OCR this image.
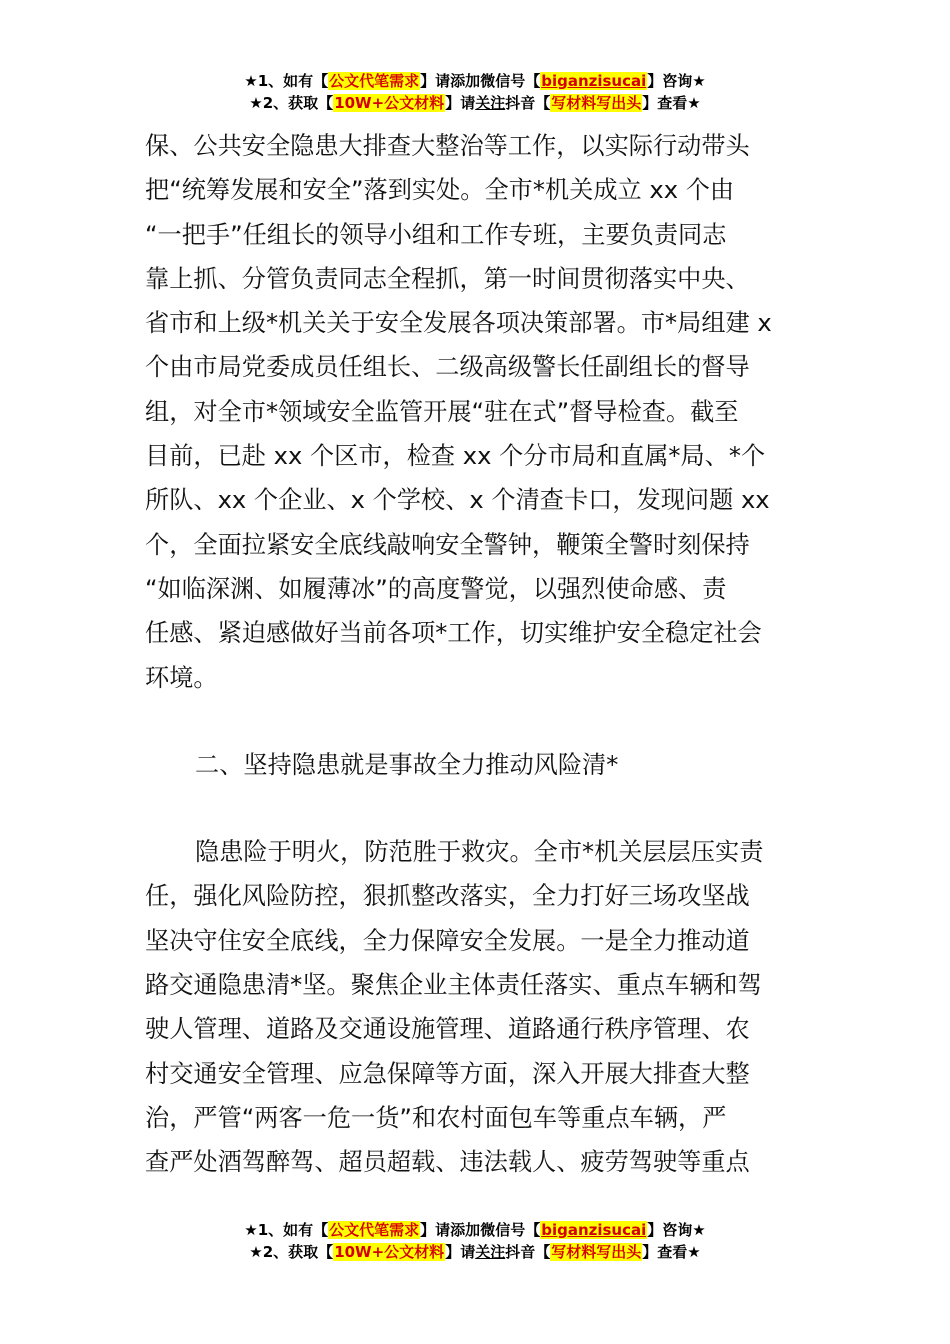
★1、如有【公文代笔需求】请添加微信号【biganzisucai】咨询★
★2、获取【10W+公文材料】请关注抖音【写材料写出头】查看★
保、公共安全隐患大排查大整治等工作，以实际行动带头
把“统筹发展和安全”落到实处。全市*机关成立 xx 个由
“一把手”任组长的领导小组和工作专班，主要负责同志
靠上抓、分管负责同志全程抓，第一时间贯彻落实中央、
省市和上级*机关关于安全发展各项决策部署。市*局组建 x
个由市局党委成员任组长、二级高级警长任副组长的督导
组，对全市*领域安全监管开展“驻在式”督导检查。截至
目前，已赴 xx 个区市，检查 xx 个分市局和直属*局、*个
所队、xx 个企业、x 个学校、x 个清查卡口，发现问题 xx
个，全面拉紧安全底线敲响安全警钟，鞭策全警时刻保持
“如临深渊、如履薄冰”的高度警觉，以强烈使命感、责
任感、紧迫感做好当前各项*工作，切实维护安全稳定社会
环境。
二、坚持隐患就是事故全力推动风险清*
隐患险于明火，防范胜于救灾。全市*机关层层压实责
任，强化风险防控，狠抓整改落实，全力打好三场攻坚战
坚决守住安全底线，全力保障安全发展。一是全力推动道
路交通隐患清*坚。聚焦企业主体责任落实、重点车辆和驾
驶人管理、道路及交通设施管理、道路通行秩序管理、农
村交通安全管理、应急保障等方面，深入开展大排查大整
治，严管“两客一危一货”和农村面包车等重点车辆，严
查严处酒驾醉驾、超员超载、违法载人、疲劳驾驶等重点
★1、如有【公文代笔需求】请添加微信号【biganzisucai】咨询★
★2、获取【10W+公文材料】请关注抖音【写材料写出头】查看★
